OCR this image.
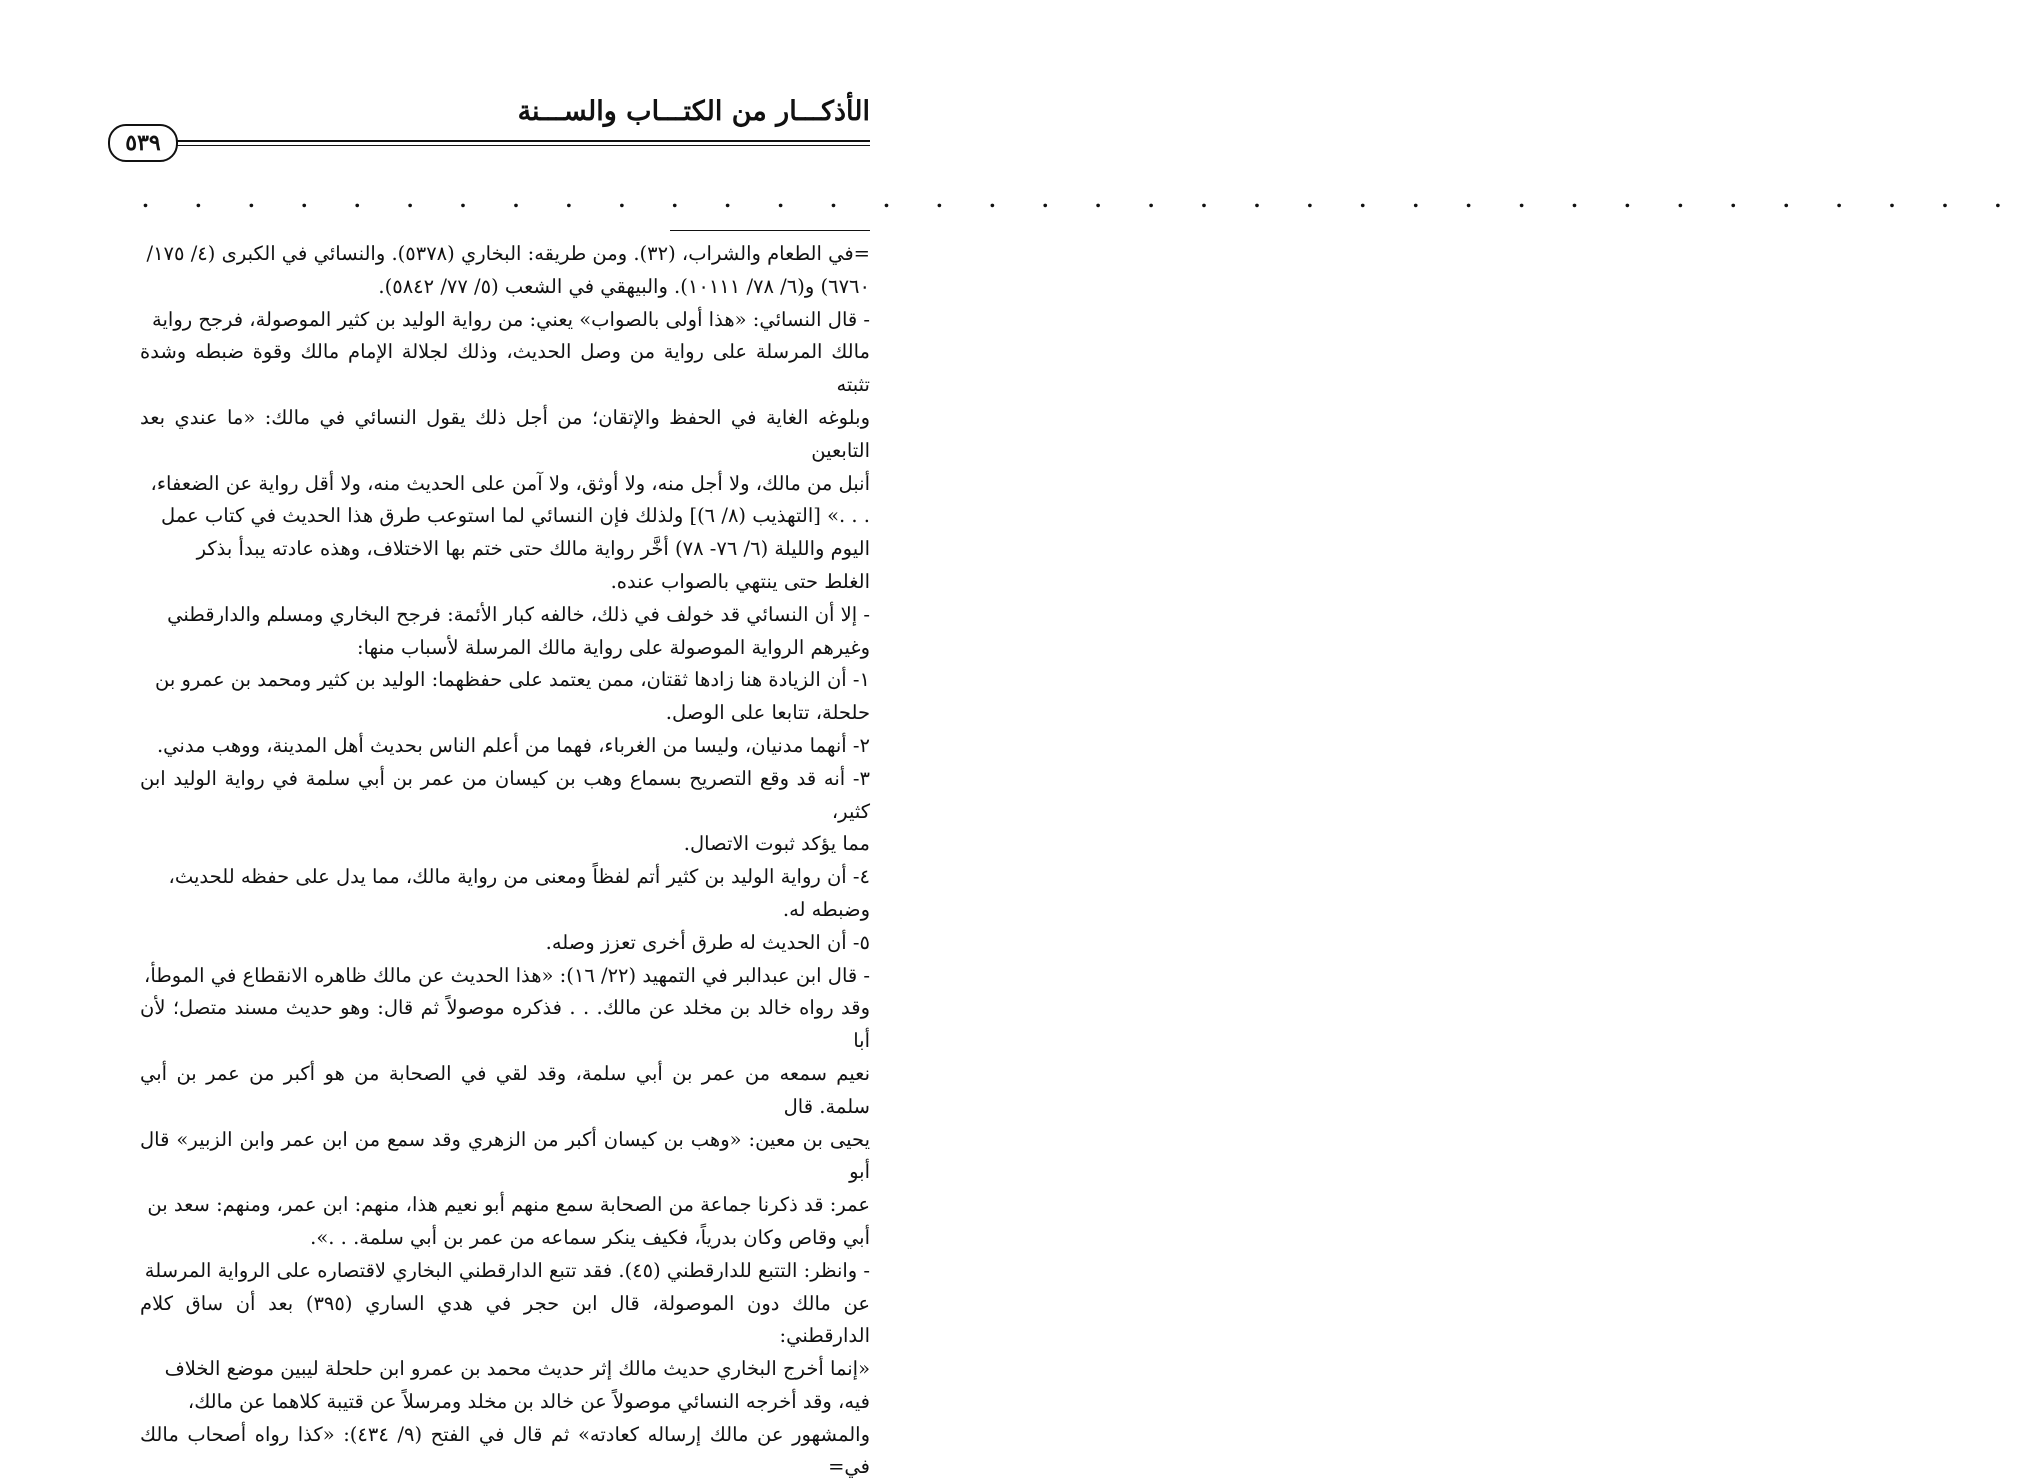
الأذكـــار من الكتـــاب والســـنة
٥٣٩
. . . . . . . . . . . . . . . . . . . . . . . . . . . . . . . . . . . .

=في الطعام والشراب، (٣٢). ومن طريقه: البخاري (٥٣٧٨). والنسائي في الكبرى (٤/ ١٧٥/

٦٧٦٠) و(٦/ ٧٨/ ١٠١١١). والبيهقي في الشعب (٥/ ٧٧/ ٥٨٤٢).

- قال النسائي: «هذا أولى بالصواب» يعني: من رواية الوليد بن كثير الموصولة، فرجح رواية

مالك المرسلة على رواية من وصل الحديث، وذلك لجلالة الإمام مالك وقوة ضبطه وشدة تثبته

وبلوغه الغاية في الحفظ والإتقان؛ من أجل ذلك يقول النسائي في مالك: «ما عندي بعد التابعين

أنبل من مالك، ولا أجل منه، ولا أوثق، ولا آمن على الحديث منه، ولا أقل رواية عن الضعفاء،

. . .» [التهذيب (٨/ ٦)] ولذلك فإن النسائي لما استوعب طرق هذا الحديث في كتاب عمل

اليوم والليلة (٦/ ٧٦- ٧٨) أخَّر رواية مالك حتى ختم بها الاختلاف، وهذه عادته يبدأ بذكر

الغلط حتى ينتهي بالصواب عنده.

- إلا أن النسائي قد خولف في ذلك، خالفه كبار الأئمة: فرجح البخاري ومسلم والدارقطني

وغيرهم الرواية الموصولة على رواية مالك المرسلة لأسباب منها:

١- أن الزيادة هنا زادها ثقتان، ممن يعتمد على حفظهما: الوليد بن كثير ومحمد بن عمرو بن

حلحلة، تتابعا على الوصل.

٢- أنهما مدنيان، وليسا من الغرباء، فهما من أعلم الناس بحديث أهل المدينة، ووهب مدني.

٣- أنه قد وقع التصريح بسماع وهب بن كيسان من عمر بن أبي سلمة في رواية الوليد ابن كثير،

مما يؤكد ثبوت الاتصال.

٤- أن رواية الوليد بن كثير أتم لفظاً ومعنى من رواية مالك، مما يدل على حفظه للحديث،

وضبطه له.

٥- أن الحديث له طرق أخرى تعزز وصله.

- قال ابن عبدالبر في التمهيد (٢٢/ ١٦): «هذا الحديث عن مالك ظاهره الانقطاع في الموطأ،

وقد رواه خالد بن مخلد عن مالك. . . فذكره موصولاً ثم قال: وهو حديث مسند متصل؛ لأن أبا

نعيم سمعه من عمر بن أبي سلمة، وقد لقي في الصحابة من هو أكبر من عمر بن أبي سلمة. قال

يحيى بن معين: «وهب بن كيسان أكبر من الزهري وقد سمع من ابن عمر وابن الزبير» قال أبو

عمر: قد ذكرنا جماعة من الصحابة سمع منهم أبو نعيم هذا، منهم: ابن عمر، ومنهم: سعد بن

أبي وقاص وكان بدرياً، فكيف ينكر سماعه من عمر بن أبي سلمة. . .».

- وانظر: التتبع للدارقطني (٤٥). فقد تتبع الدارقطني البخاري لاقتصاره على الرواية المرسلة

عن مالك دون الموصولة، قال ابن حجر في هدي الساري (٣٩٥) بعد أن ساق كلام الدارقطني:

«إنما أخرج البخاري حديث مالك إثر حديث محمد بن عمرو ابن حلحلة ليبين موضع الخلاف

فيه، وقد أخرجه النسائي موصولاً عن خالد بن مخلد ومرسلاً عن قتيبة كلاهما عن مالك،

والمشهور عن مالك إرساله كعادته» ثم قال في الفتح (٩/ ٤٣٤): «كذا رواه أصحاب مالك في=
